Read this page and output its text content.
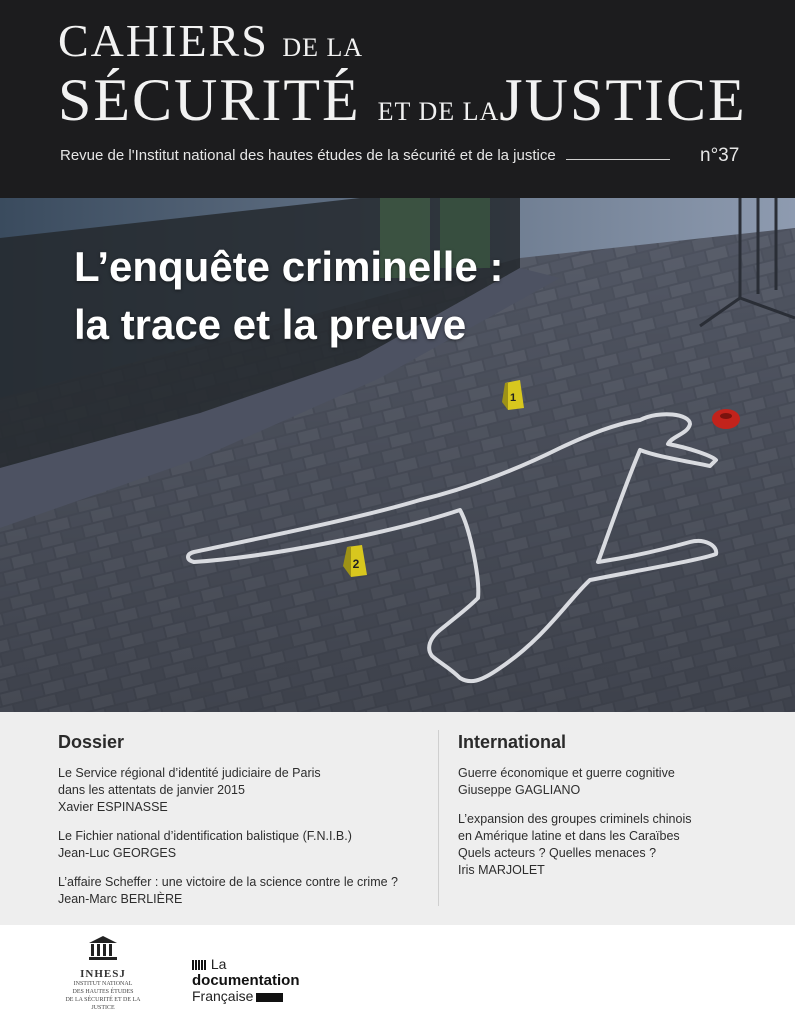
CAHIERS DE LA
SÉCURITÉ ET DE LAJUSTICE
Revue de l'Institut national des hautes études de la sécurité et de la justice	n°37
1
2
L’enquête criminelle :
la trace et la preuve
Dossier
Le Service régional d’identité judiciaire de Paris
dans les attentats de janvier 2015
Xavier ESPINASSE
Le Fichier national d’identification balistique (F.N.I.B.)
Jean-Luc GEORGES
L’affaire Scheffer : une victoire de la science contre le crime ?
Jean-Marc BERLIÈRE
International
Guerre économique et guerre cognitive
Giuseppe GAGLIANO
L’expansion des groupes criminels chinois
en Amérique latine et dans les Caraïbes
Quels acteurs ? Quelles menaces ?
Iris MARJOLET
INHESJ
INSTITUT NATIONAL
DES HAUTES ÉTUDES
DE LA SÉCURITÉ ET DE LA JUSTICE
La
documentation
Française
